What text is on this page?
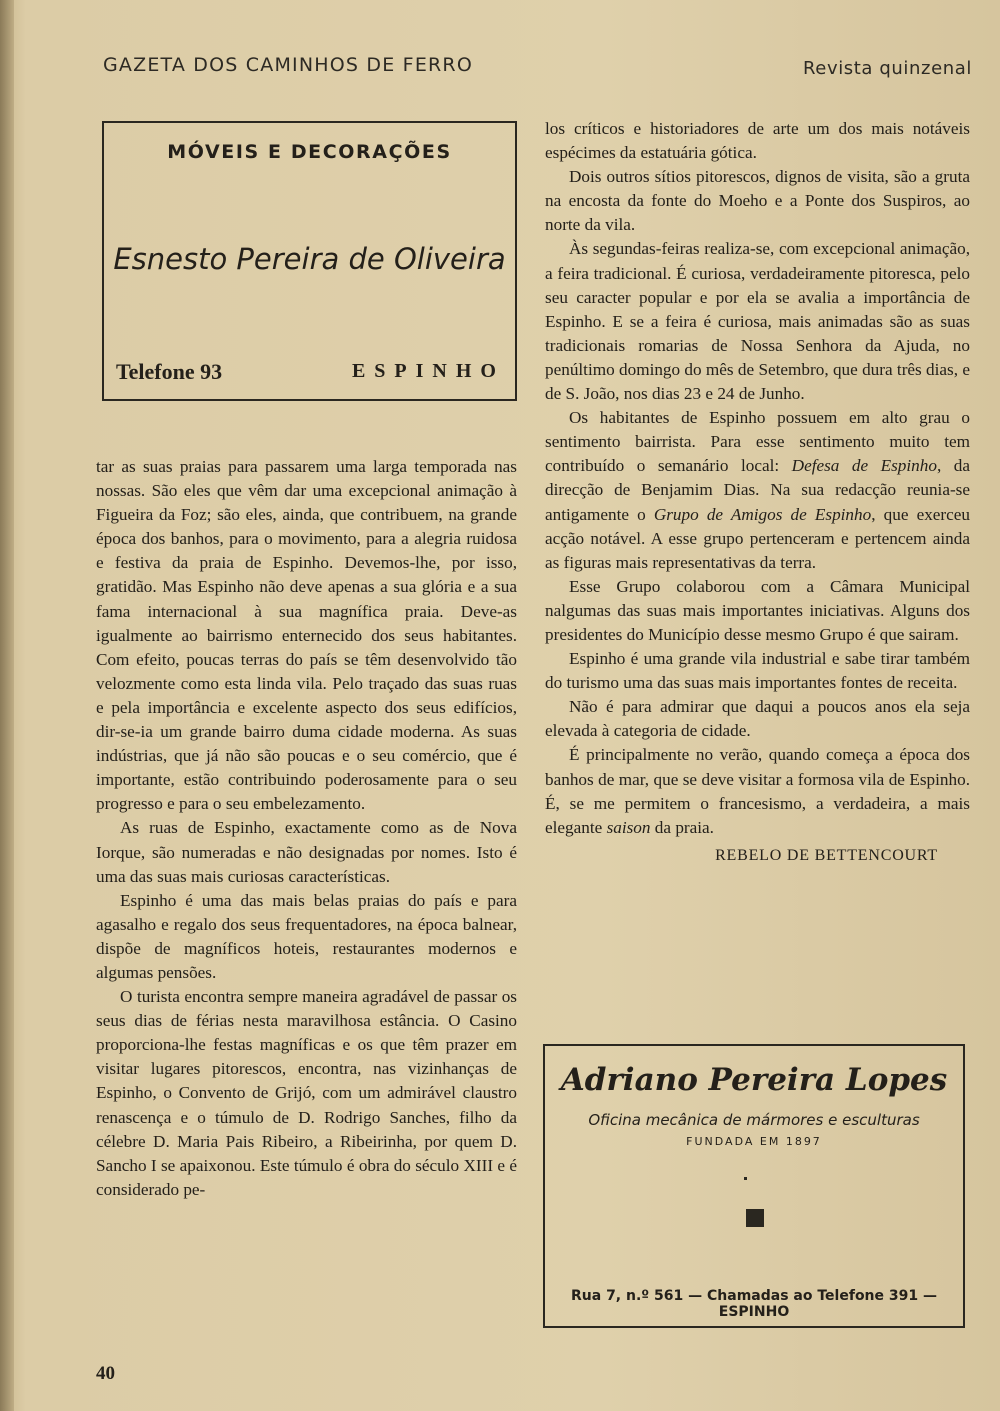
GAZETA DOS CAMINHOS DE FERRO	Revista quinzenal
MÓVEIS E DECORAÇÕES
Esnesto Pereira de Oliveira
Telefone 93	ESPINHO

tar as suas praias para passarem uma larga temporada nas nossas. São eles que vêm dar uma excepcional animação à Figueira da Foz; são eles, ainda, que contribuem, na grande época dos banhos, para o movimento, para a alegria ruidosa e festiva da praia de Espinho. Devemos-lhe, por isso, gratidão. Mas Espinho não deve apenas a sua glória e a sua fama internacional à sua magnífica praia. Deve-as igualmente ao bairrismo enternecido dos seus habitantes. Com efeito, poucas terras do país se têm desenvolvido tão velozmente como esta linda vila. Pelo traçado das suas ruas e pela importância e excelente aspecto dos seus edifícios, dir-se-ia um grande bairro duma cidade moderna. As suas indústrias, que já não são poucas e o seu comércio, que é importante, estão contribuindo poderosamente para o seu progresso e para o seu embelezamento.

As ruas de Espinho, exactamente como as de Nova Iorque, são numeradas e não designadas por nomes. Isto é uma das suas mais curiosas características.

Espinho é uma das mais belas praias do país e para agasalho e regalo dos seus frequentadores, na época balnear, dispõe de magníficos hoteis, restaurantes modernos e algumas pensões.

O turista encontra sempre maneira agradável de passar os seus dias de férias nesta maravilhosa estância. O Casino proporciona-lhe festas magníficas e os que têm prazer em visitar lugares pitorescos, encontra, nas vizinhanças de Espinho, o Convento de Grijó, com um admirável claustro renascença e o túmulo de D. Rodrigo Sanches, filho da célebre D. Maria Pais Ribeiro, a Ribeirinha, por quem D. Sancho I se apaixonou. Este túmulo é obra do século XIII e é considerado pe-

los críticos e historiadores de arte um dos mais notáveis espécimes da estatuária gótica.

Dois outros sítios pitorescos, dignos de visita, são a gruta na encosta da fonte do Moeho e a Ponte dos Suspiros, ao norte da vila.

Às segundas-feiras realiza-se, com excepcional animação, a feira tradicional. É curiosa, verdadeiramente pitoresca, pelo seu caracter popular e por ela se avalia a importância de Espinho. E se a feira é curiosa, mais animadas são as suas tradicionais romarias de Nossa Senhora da Ajuda, no penúltimo domingo do mês de Setembro, que dura três dias, e de S. João, nos dias 23 e 24 de Junho.

Os habitantes de Espinho possuem em alto grau o sentimento bairrista. Para esse sentimento muito tem contribuído o semanário local: Defesa de Espinho, da direcção de Benjamim Dias. Na sua redacção reunia-se antigamente o Grupo de Amigos de Espinho, que exerceu acção notável. A esse grupo pertenceram e pertencem ainda as figuras mais representativas da terra.

Esse Grupo colaborou com a Câmara Municipal nalgumas das suas mais importantes iniciativas. Alguns dos presidentes do Município desse mesmo Grupo é que sairam.

Espinho é uma grande vila industrial e sabe tirar também do turismo uma das suas mais importantes fontes de receita.

Não é para admirar que daqui a poucos anos ela seja elevada à categoria de cidade.

É principalmente no verão, quando começa a época dos banhos de mar, que se deve visitar a formosa vila de Espinho. É, se me permitem o francesismo, a verdadeira, a mais elegante saison da praia.

REBELO DE BETTENCOURT
Adriano Pereira Lopes
Oficina mecânica de mármores e esculturas
FUNDADA EM 1897
Rua 7, n.º 561 — Chamadas ao Telefone 391 — ESPINHO
40
